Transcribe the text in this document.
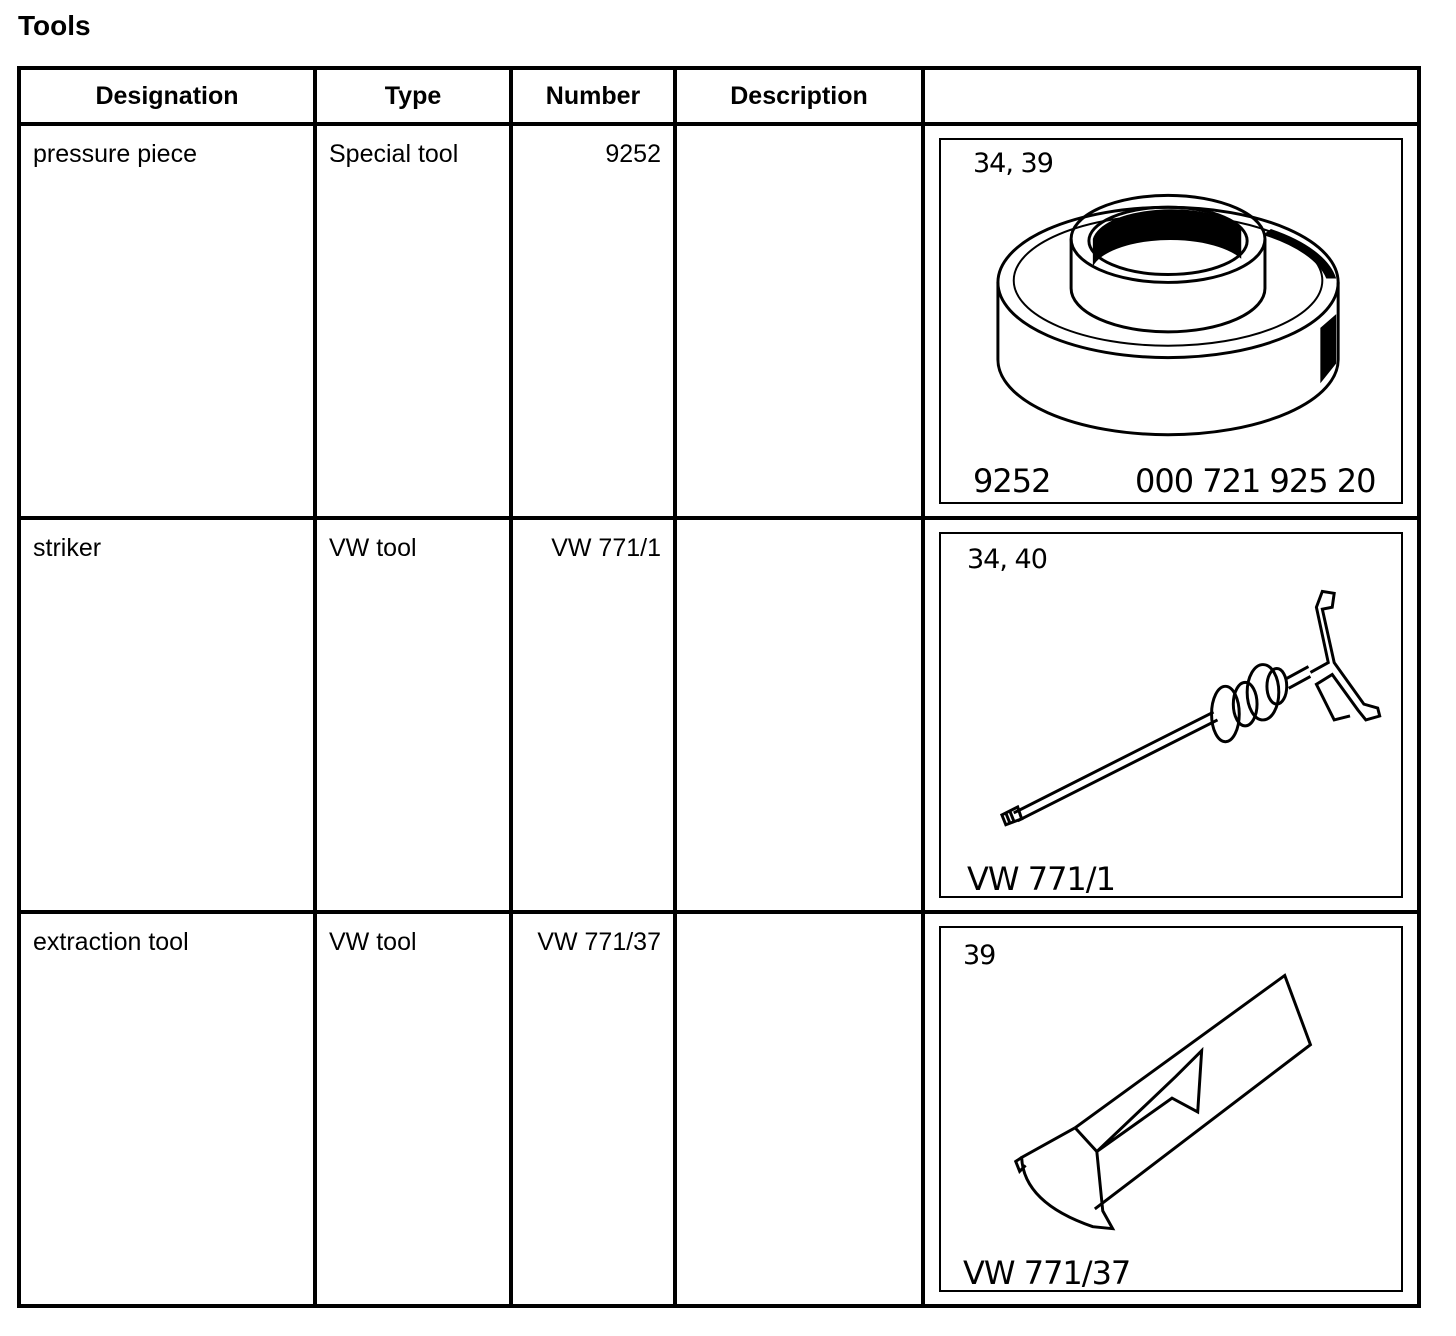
Tools
Designation	Type	Number	Description	

pressure piece	Special tool	9252		34, 39
9252 000 721 925 20

striker	VW tool	VW 771/1		34, 40
VW 771/1

extraction tool	VW tool	VW 771/37		39
VW 771/37
